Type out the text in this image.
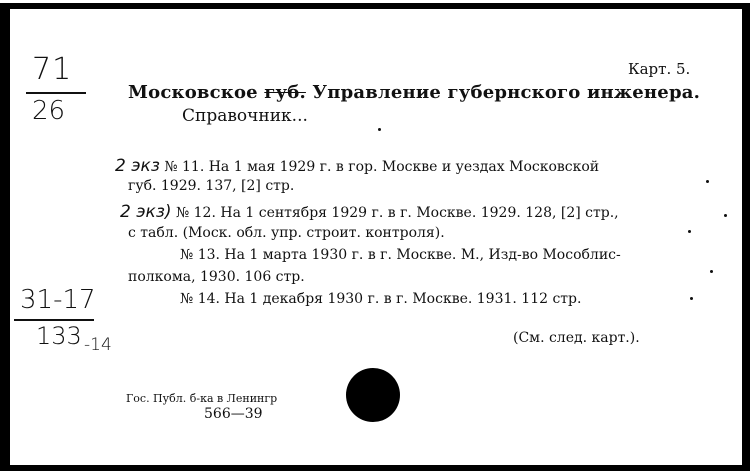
71
26
Карт. 5.
Московское губ. Управление губернского инженера.
Справочник...
2 экз № 11. На 1 мая 1929 г. в гор. Москве и уездах Московской
губ. 1929. 137, [2] стр.
2 экз) № 12. На 1 сентября 1929 г. в г. Москве. 1929. 128, [2] стр.,
с табл. (Моск. обл. упр. строит. контроля).
№ 13. На 1 марта 1930 г. в г. Москве. М., Изд-во Мособлис-
полкома, 1930. 106 стр.
№ 14. На 1 декабря 1930 г. в г. Москве. 1931. 112 стр.
31-17
133 -14	(См. след. карт.).
Гос. Публ. б-ка в Ленингр
566—39
